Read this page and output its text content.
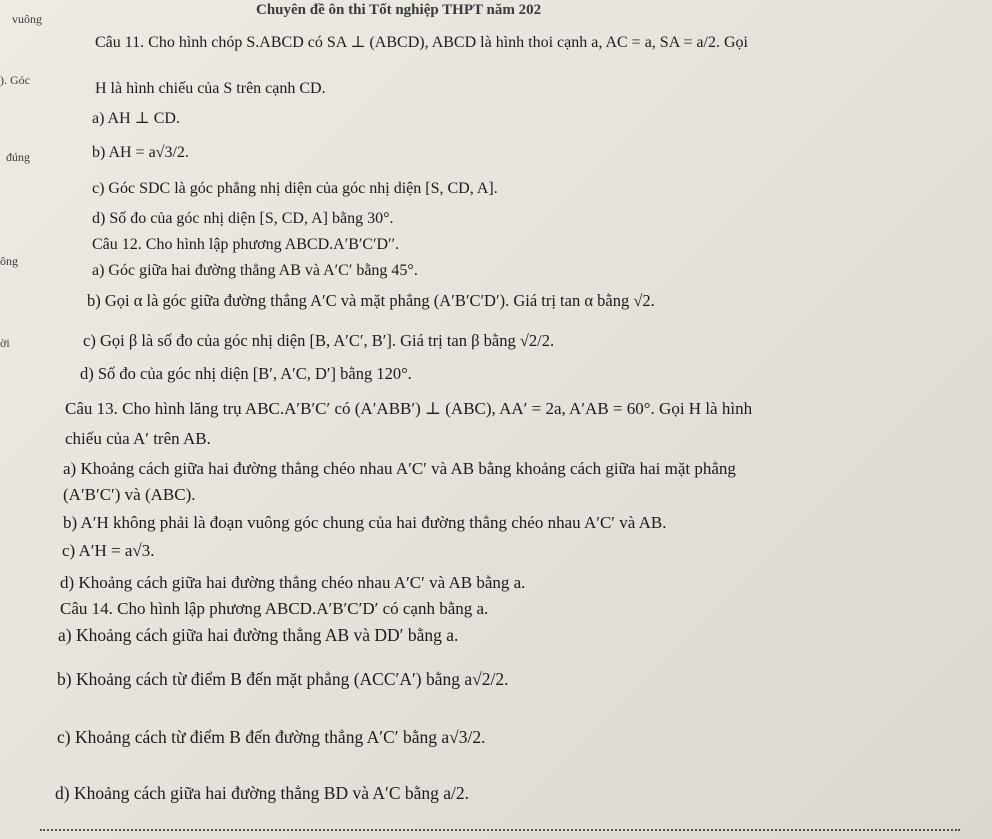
Chuyên đề ôn thi Tốt nghiệp THPT năm 202
vuông
). Góc
đúng
ông
ời
Câu 11. Cho hình chóp S.ABCD có SA ⊥ (ABCD), ABCD là hình thoi cạnh a, AC = a, SA = a/2. Gọi
H là hình chiếu của S trên cạnh CD.
a) AH ⊥ CD.
b) AH = a√3/2.
c) Góc SDC là góc phẳng nhị diện của góc nhị diện [S, CD, A].
d) Số đo của góc nhị diện [S, CD, A] bằng 30°.
Câu 12. Cho hình lập phương ABCD.A′B′C′D′′.
a) Góc giữa hai đường thẳng AB và A′C′ bằng 45°.
b) Gọi α là góc giữa đường thẳng A′C và mặt phẳng (A′B′C′D′). Giá trị tan α bằng √2.
c) Gọi β là số đo của góc nhị diện [B, A′C′, B′]. Giá trị tan β bằng √2/2.
d) Số đo của góc nhị diện [B′, A′C, D′] bằng 120°.
Câu 13. Cho hình lăng trụ ABC.A′B′C′ có (A′ABB′) ⊥ (ABC), AA′ = 2a, A′AB = 60°. Gọi H là hình
chiếu của A′ trên AB.
a) Khoảng cách giữa hai đường thẳng chéo nhau A′C′ và AB bằng khoảng cách giữa hai mặt phẳng
(A′B′C′) và (ABC).
b) A′H không phải là đoạn vuông góc chung của hai đường thẳng chéo nhau A′C′ và AB.
c) A′H = a√3.
d) Khoảng cách giữa hai đường thẳng chéo nhau A′C′ và AB bằng a.
Câu 14. Cho hình lập phương ABCD.A′B′C′D′ có cạnh bằng a.
a) Khoảng cách giữa hai đường thẳng AB và DD′ bằng a.
b) Khoảng cách từ điểm B đến mặt phẳng (ACC′A′) bằng a√2/2.
c) Khoảng cách từ điểm B đến đường thẳng A′C′ bằng a√3/2.
d) Khoảng cách giữa hai đường thẳng BD và A′C bằng a/2.
